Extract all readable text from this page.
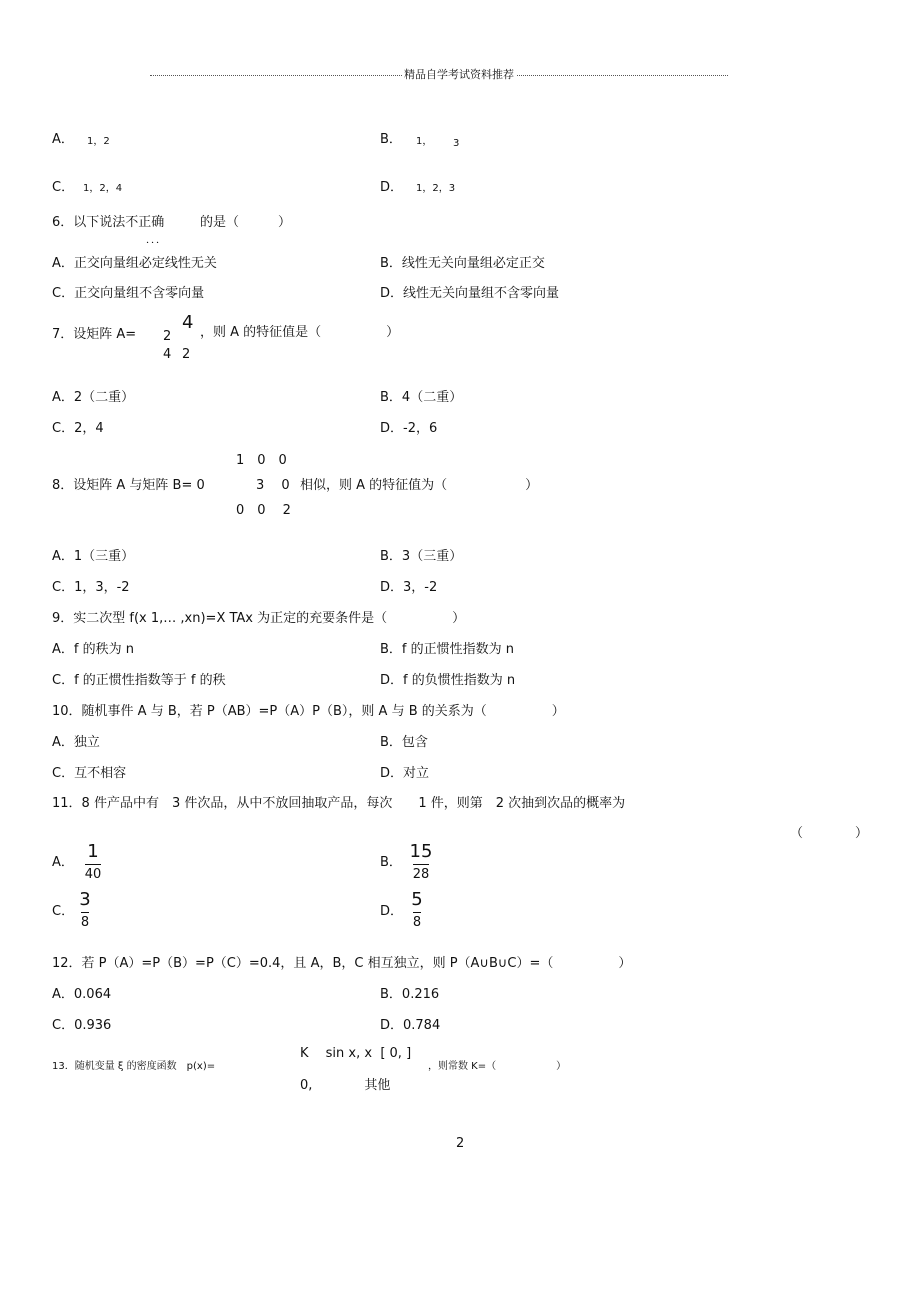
精品自学考试资料推荐
A． 1，2	B． 1， 3
C． 1，2，4	D． 1，2，3
6．以下说法不正确	的是（　　　）
．．．
A．正交向量组必定线性无关	B．线性无关向量组必定正交
C．正交向量组不含零向量	D．线性无关向量组不含零向量
7．设矩阵 A= 2
4
4 2
，则 A 的特征值是（　　　　　）
A．2（二重）	B．4（二重）
C．2，4	D．-2，6
1　0　0
8．设矩阵 A 与矩阵 B= 0	3　 0 相似，则 A 的特征值为（　　　　　　）
0　0　 2
A．1（三重）	B．3（三重）
C．1，3，-2	D．3，-2
9．实二次型 f(x 1,… ,xn)=X TAx 为正定的充要条件是（　　　　　）
A．f 的秩为 n	B．f 的正惯性指数为 n
C．f 的正惯性指数等于 f 的秩	D．f 的负惯性指数为 n
10．随机事件 A 与 B，若 P（AB）=P（A）P（B），则 A 与 B 的关系为（　　　　　）
A．独立	B．包含
C．互不相容	D．对立
11．8 件产品中有　3 件次品，从中不放回抽取产品，每次　　1 件，则第　2 次抽到次品的概率为
（　　　　）
A．
1
40
B．
15
28
C．
3
8
D．
5
8
12．若 P（A）=P（B）=P（C）=0.4，且 A，B，C 相互独立，则 P（A∪B∪C）=（　　　　　）
A．0.064	B．0.216
C．0.936	D．0.784
K　 sin x, x  [ 0, ]
13．随机变量 ξ 的密度函数　p(x)=	，则常数 K=（　　　　　　）
0,　　　　其他
2
